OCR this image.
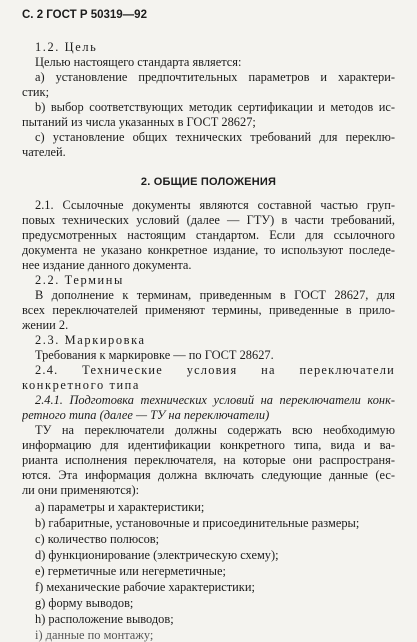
С. 2 ГОСТ Р 50319—92
1.2. Цель
Целью настоящего стандарта является:
а) установление предпочтительных параметров и характери-
стик;
b) выбор соответствующих методик сертификации и методов ис-
пытаний из числа указанных в ГОСТ 28627;
с) установление общих технических требований для переклю-
чателей.
2. ОБЩИЕ ПОЛОЖЕНИЯ
2.1. Ссылочные документы являются составной частью груп-
повых технических условий (далее — ГТУ) в части требований,
предусмотренных настоящим стандартом. Если для ссылочного
документа не указано конкретное издание, то используют последе-
нее издание данного документа.
2.2. Термины
В дополнение к терминам, приведенным в ГОСТ 28627, для
всех переключателей применяют термины, приведенные в прило-
жении 2.
2.3. Маркировка
Требования к маркировке — по ГОСТ 28627.
2.4. Технические условия на переключатели
конкретного типа
2.4.1. Подготовка технических условий на переключатели конк-
ретного типа (далее — ТУ на переключатели)
ТУ на переключатели должны содержать всю необходимую
информацию для идентификации конкретного типа, вида и ва-
рианта исполнения переключателя, на которые они распространя-
ются. Эта информация должна включать следующие данные (ес-
ли они применяются):
а) параметры и характеристики;
b) габаритные, установочные и присоединительные размеры;
с) количество полюсов;
d) функционирование (электрическую схему);
е) герметичные или негерметичные;
f) механические рабочие характеристики;
g) форму выводов;
h) расположение выводов;
i) данные по монтажу;
